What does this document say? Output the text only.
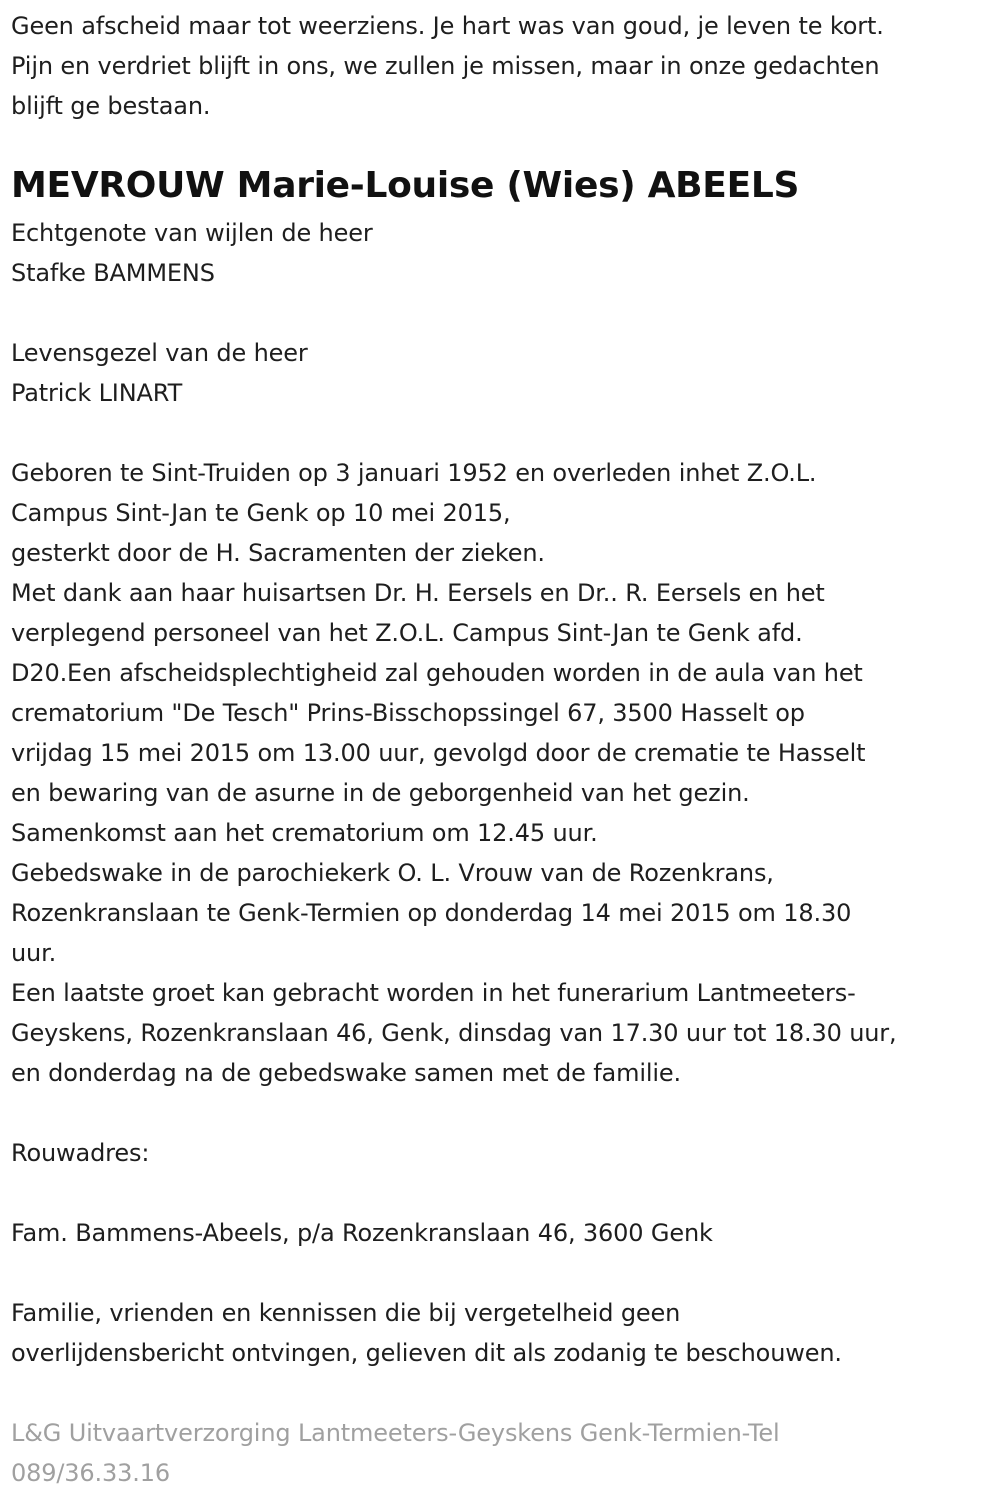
Geen afscheid maar tot weerziens. Je hart was van goud, je leven te kort.
Pijn en verdriet blijft in ons, we zullen je missen, maar in onze gedachten
blijft ge bestaan.
MEVROUW Marie-Louise (Wies) ABEELS
Echtgenote van wijlen de heer
Stafke BAMMENS
Levensgezel van de heer
Patrick LINART
Geboren te Sint-Truiden op 3 januari 1952 en overleden inhet Z.O.L.
Campus Sint-Jan te Genk op 10 mei 2015,
gesterkt door de H. Sacramenten der zieken.
Met dank aan haar huisartsen Dr. H. Eersels en Dr.. R. Eersels en het
verplegend personeel van het Z.O.L. Campus Sint-Jan te Genk afd.
D20.Een afscheidsplechtigheid zal gehouden worden in de aula van het
crematorium "De Tesch" Prins-Bisschopssingel 67, 3500 Hasselt op
vrijdag 15 mei 2015 om 13.00 uur, gevolgd door de crematie te Hasselt
en bewaring van de asurne in de geborgenheid van het gezin.
Samenkomst aan het crematorium om 12.45 uur.
Gebedswake in de parochiekerk O. L. Vrouw van de Rozenkrans,
Rozenkranslaan te Genk-Termien op donderdag 14 mei 2015 om 18.30
uur.
Een laatste groet kan gebracht worden in het funerarium Lantmeeters-
Geyskens, Rozenkranslaan 46, Genk, dinsdag van 17.30 uur tot 18.30 uur,
en donderdag na de gebedswake samen met de familie.
Rouwadres:
Fam. Bammens-Abeels, p/a Rozenkranslaan 46, 3600 Genk
Familie, vrienden en kennissen die bij vergetelheid geen
overlijdensbericht ontvingen, gelieven dit als zodanig te beschouwen.
L&G Uitvaartverzorging Lantmeeters-Geyskens Genk-Termien-Tel
089/36.33.16
